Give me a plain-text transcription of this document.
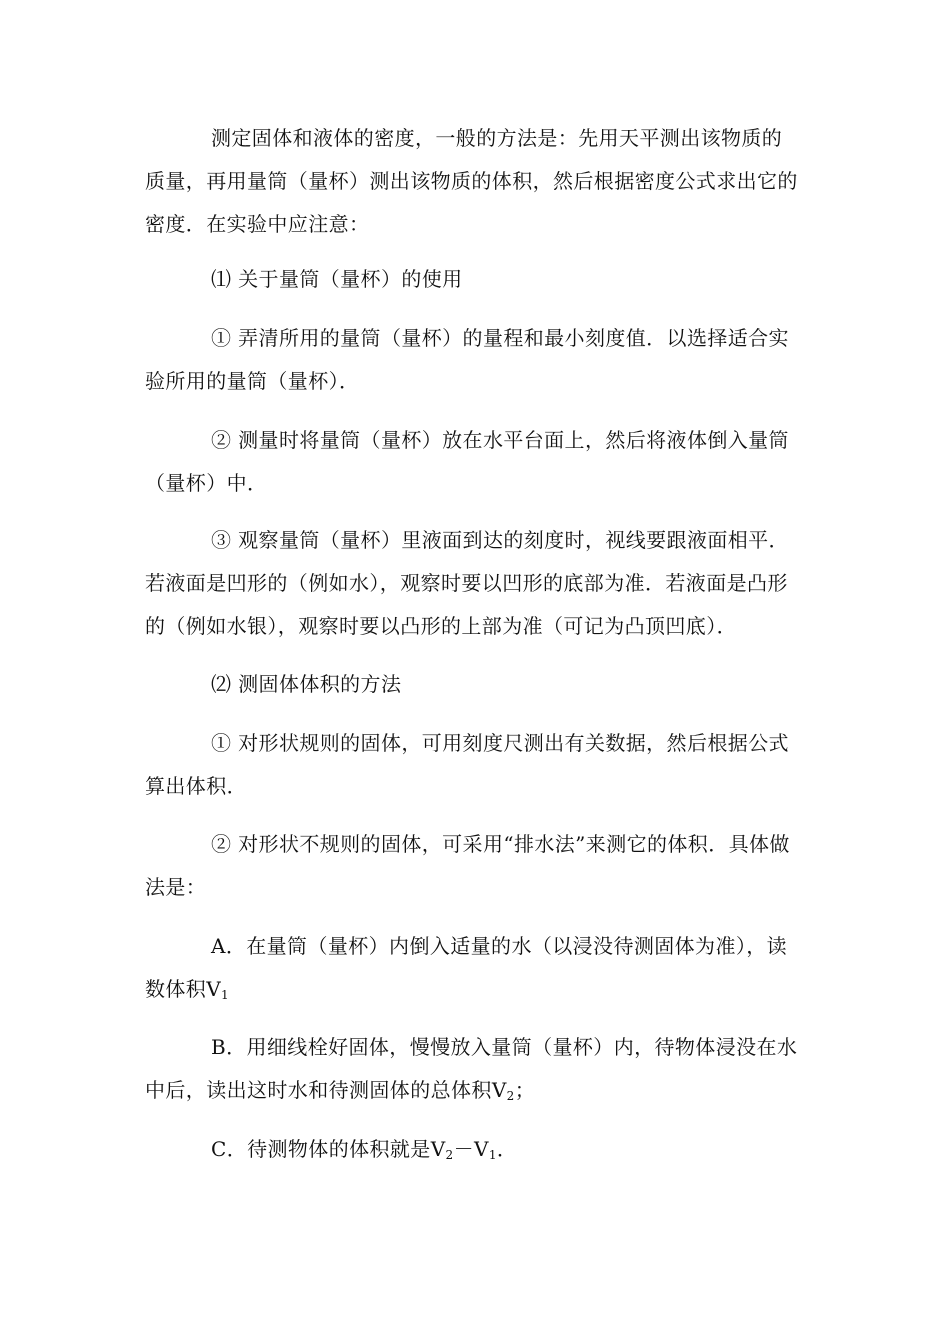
测定固体和液体的密度，一般的方法是：先用天平测出该物质的质量，再用量筒（量杯）测出该物质的体积，然后根据密度公式求出它的密度．在实验中应注意：

⑴ 关于量筒（量杯）的使用

① 弄清所用的量筒（量杯）的量程和最小刻度值．以选择适合实验所用的量筒（量杯）．

② 测量时将量筒（量杯）放在水平台面上，然后将液体倒入量筒（量杯）中．

③ 观察量筒（量杯）里液面到达的刻度时，视线要跟液面相平．若液面是凹形的（例如水），观察时要以凹形的底部为准．若液面是凸形的（例如水银），观察时要以凸形的上部为准（可记为凸顶凹底）．

⑵ 测固体体积的方法

① 对形状规则的固体，可用刻度尺测出有关数据，然后根据公式算出体积．

② 对形状不规则的固体，可采用“排水法”来测它的体积．具体做法是：

A．在量筒（量杯）内倒入适量的水（以浸没待测固体为准），读数体积$V_1$

B．用细线栓好固体，慢慢放入量筒（量杯）内，待物体浸没在水中后，读出这时水和待测固体的总体积$V_2$；

C．待测物体的体积就是$V_2-V_1$．
